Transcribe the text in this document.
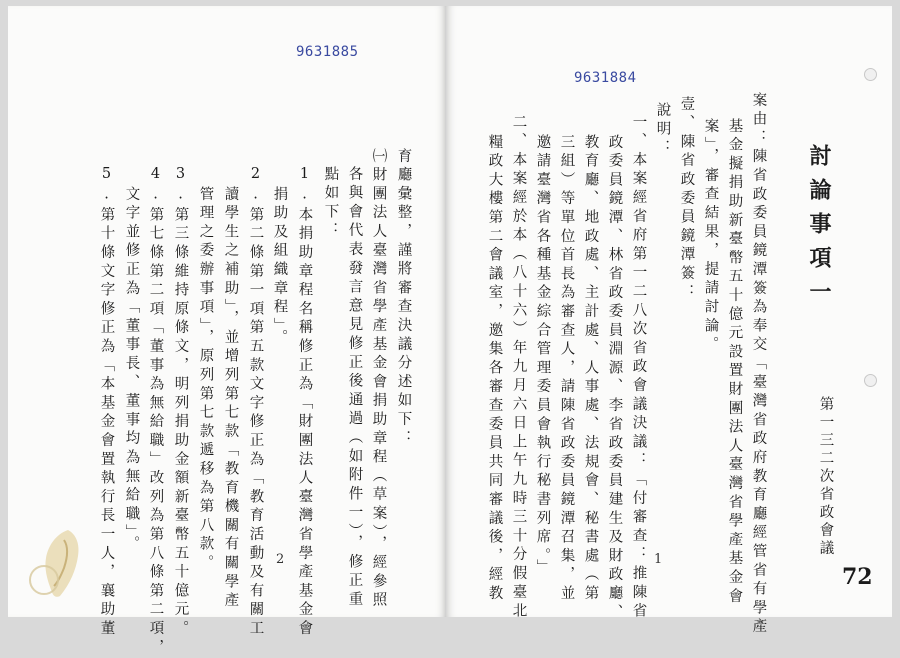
9631885
育廳彙整，謹將審查決議分述如下：
㈠財團法人臺灣省學產基金會捐助章程（草案），經參照
各與會代表發言意見修正後通過（如附件一），修正重
點如下：
1.本捐助章程名稱修正為「財團法人臺灣省學產基金會
捐助及組織章程」。
2.第二條第一項第五款文字修正為「教育活動及有關工
讀學生之補助」，並增列第七款「教育機關有關學產
管理之委辦事項」，原列第七款遞移為第八款。
3.第三條維持原條文，明列捐助金額新臺幣五十億元。
4.第七條第二項「董事為無給職」改列為第八條第二項，
文字並修正為「董事長、董事均為無給職」。
5.第十條文字修正為「本基金會置執行長一人，襄助董	2
9631884
討論事項一
第一三二次省政會議
案由：陳省政委員鏡潭簽為奉交「臺灣省政府教育廳經管省有學產
基金擬捐助新臺幣五十億元設置財團法人臺灣省學產基金會
案」，審查結果，提請討論。
壹、陳省政委員鏡潭簽：
說明：
一、本案經省府第一二八次省政會議決議：「付審查：推陳省
政委員鏡潭、林省政委員淵源、李省政委員建生及財政廳、
教育廳、地政處、主計處、人事處、法規會、秘書處（第
三組）等單位首長為審查人，請陳省政委員鏡潭召集，並
邀請臺灣省各種基金綜合管理委員會執行秘書列席。」
二、本案經於本（八十六）年九月六日上午九時三十分假臺北
糧政大樓第二會議室，邀集各審查委員共同審議後，經教	1
72
